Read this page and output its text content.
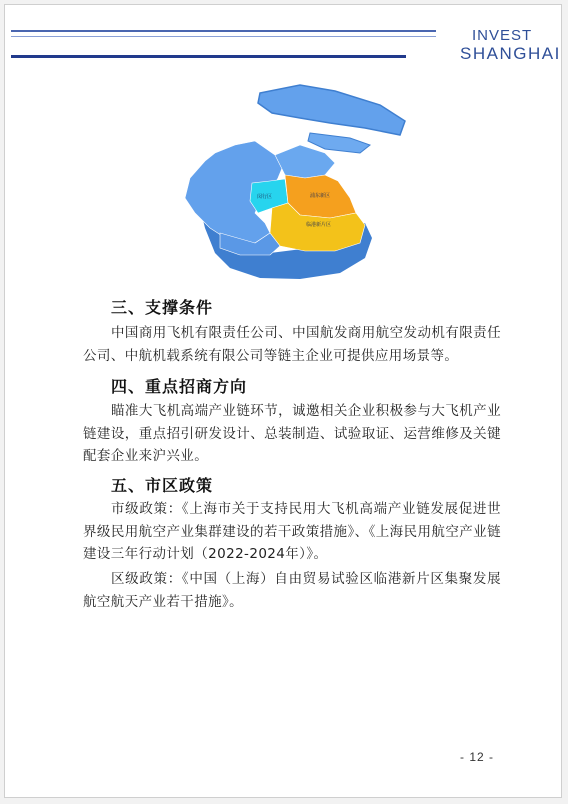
INVEST
SHANGHAI
闵行区	浦东新区
临港新片区
三、支撑条件
中国商用飞机有限责任公司、中国航发商用航空发动机有限责任公司、中航机载系统有限公司等链主企业可提供应用场景等。
四、重点招商方向
瞄准大飞机高端产业链环节，诚邀相关企业积极参与大飞机产业链建设，重点招引研发设计、总装制造、试验取证、运营维修及关键配套企业来沪兴业。
五、市区政策
市级政策：《上海市关于支持民用大飞机高端产业链发展促进世界级民用航空产业集群建设的若干政策措施》、《上海民用航空产业链建设三年行动计划（2022-2024年）》。
区级政策：《中国（上海）自由贸易试验区临港新片区集聚发展航空航天产业若干措施》。
- 12 -
